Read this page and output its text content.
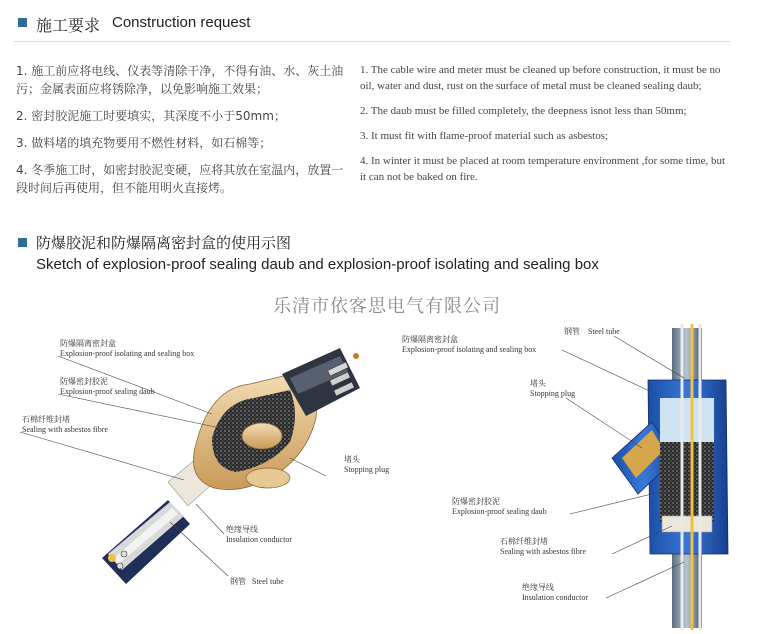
施工要求 Construction request
1. 施工前应将电线、仪表等清除干净，不得有油、水、灰土油污；金属表面应将锈除净，以免影响施工效果；
2. 密封胶泥施工时要填实，其深度不小于50mm；
3. 做料堵的填充物要用不燃性材料，如石棉等；
4. 冬季施工时，如密封胶泥变硬，应将其放在室温内，放置一段时间后再使用，但不能用明火直接烤。
1. The cable wire and meter must be cleaned up before construction, it must be no oil, water and dust, rust on the surface of metal must be cleaned sealing daub;
2. The daub must be filled completely, the deepness isnot less than 50mm;
3. It must fit with flame-proof material such as asbestos;
4. In winter it must be placed at room temperature environment ,for some time, but it can not be baked on fire.
防爆胶泥和防爆隔离密封盒的使用示图
Sketch of explosion-proof sealing daub and explosion-proof isolating and sealing box
乐清市依客思电气有限公司
防爆隔离密封盒
Explosion-proof isolating and sealing box
防爆密封胶泥
Explosion-proof sealing daub
石棉纤维封堵
Sealing with asbestos fibre
堵头
Stopping plug
绝缘导线
Insulation conductor
钢管 Steel tube
钢管 Steel tube
防爆隔离密封盒
Explosion-proof isolating and sealing box
堵头
Stopping plug
防爆密封胶泥
Explosion-proof sealing daub
石棉纤维封堵
Sealing with asbestos fibre
绝缘导线
Insulation conductor
